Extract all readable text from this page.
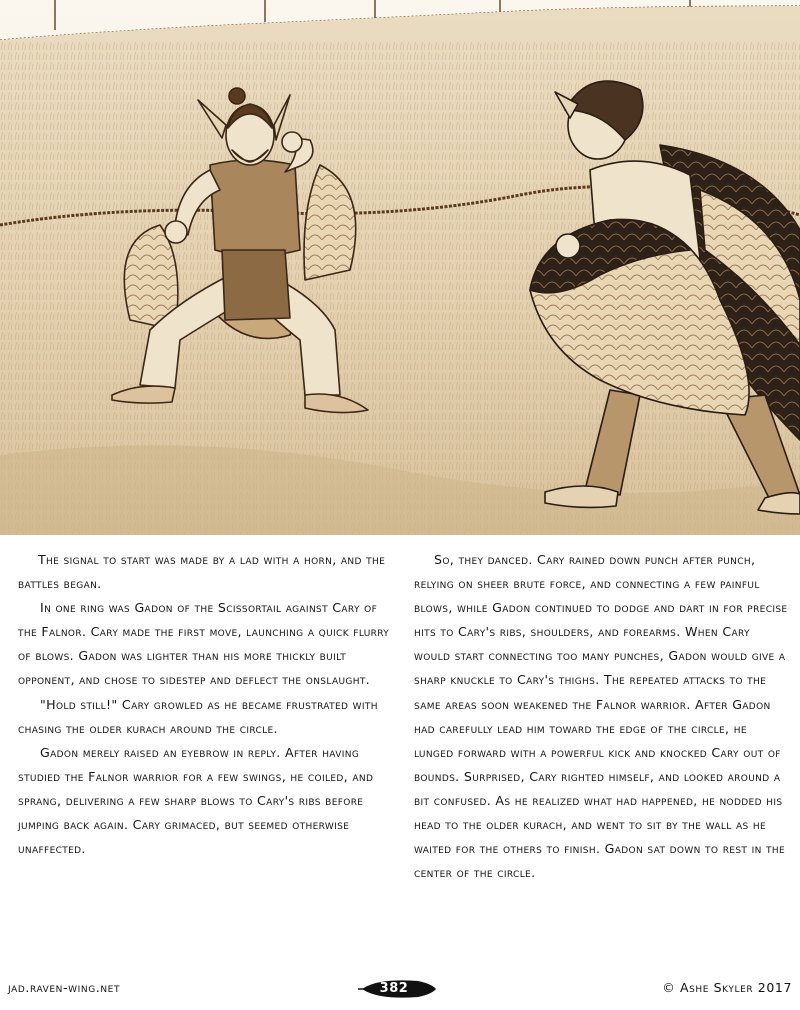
The signal to start was made by a lad with a horn, and the battles began.

In one ring was Gadon of the Scissortail against Cary of the Falnor. Cary made the first move, launching a quick flurry of blows. Gadon was lighter than his more thickly built opponent, and chose to sidestep and deflect the onslaught.

"Hold still!" Cary growled as he became frustrated with chasing the older kurach around the circle.

Gadon merely raised an eyebrow in reply. After having studied the Falnor warrior for a few swings, he coiled, and sprang, delivering a few sharp blows to Cary's ribs before jumping back again. Cary grimaced, but seemed otherwise unaffected.

So, they danced. Cary rained down punch after punch, relying on sheer brute force, and connecting a few painful blows, while Gadon continued to dodge and dart in for precise hits to Cary's ribs, shoulders, and forearms. When Cary would start connecting too many punches, Gadon would give a sharp knuckle to Cary's thighs. The repeated attacks to the same areas soon weakened the Falnor warrior. After Gadon had carefully lead him toward the edge of the circle, he lunged forward with a powerful kick and knocked Cary out of bounds. Surprised, Cary righted himself, and looked around a bit confused. As he realized what had happened, he nodded his head to the older kurach, and went to sit by the wall as he waited for the others to finish. Gadon sat down to rest in the center of the circle.

jad.raven-wing.net	382	© Ashe Skyler 2017
